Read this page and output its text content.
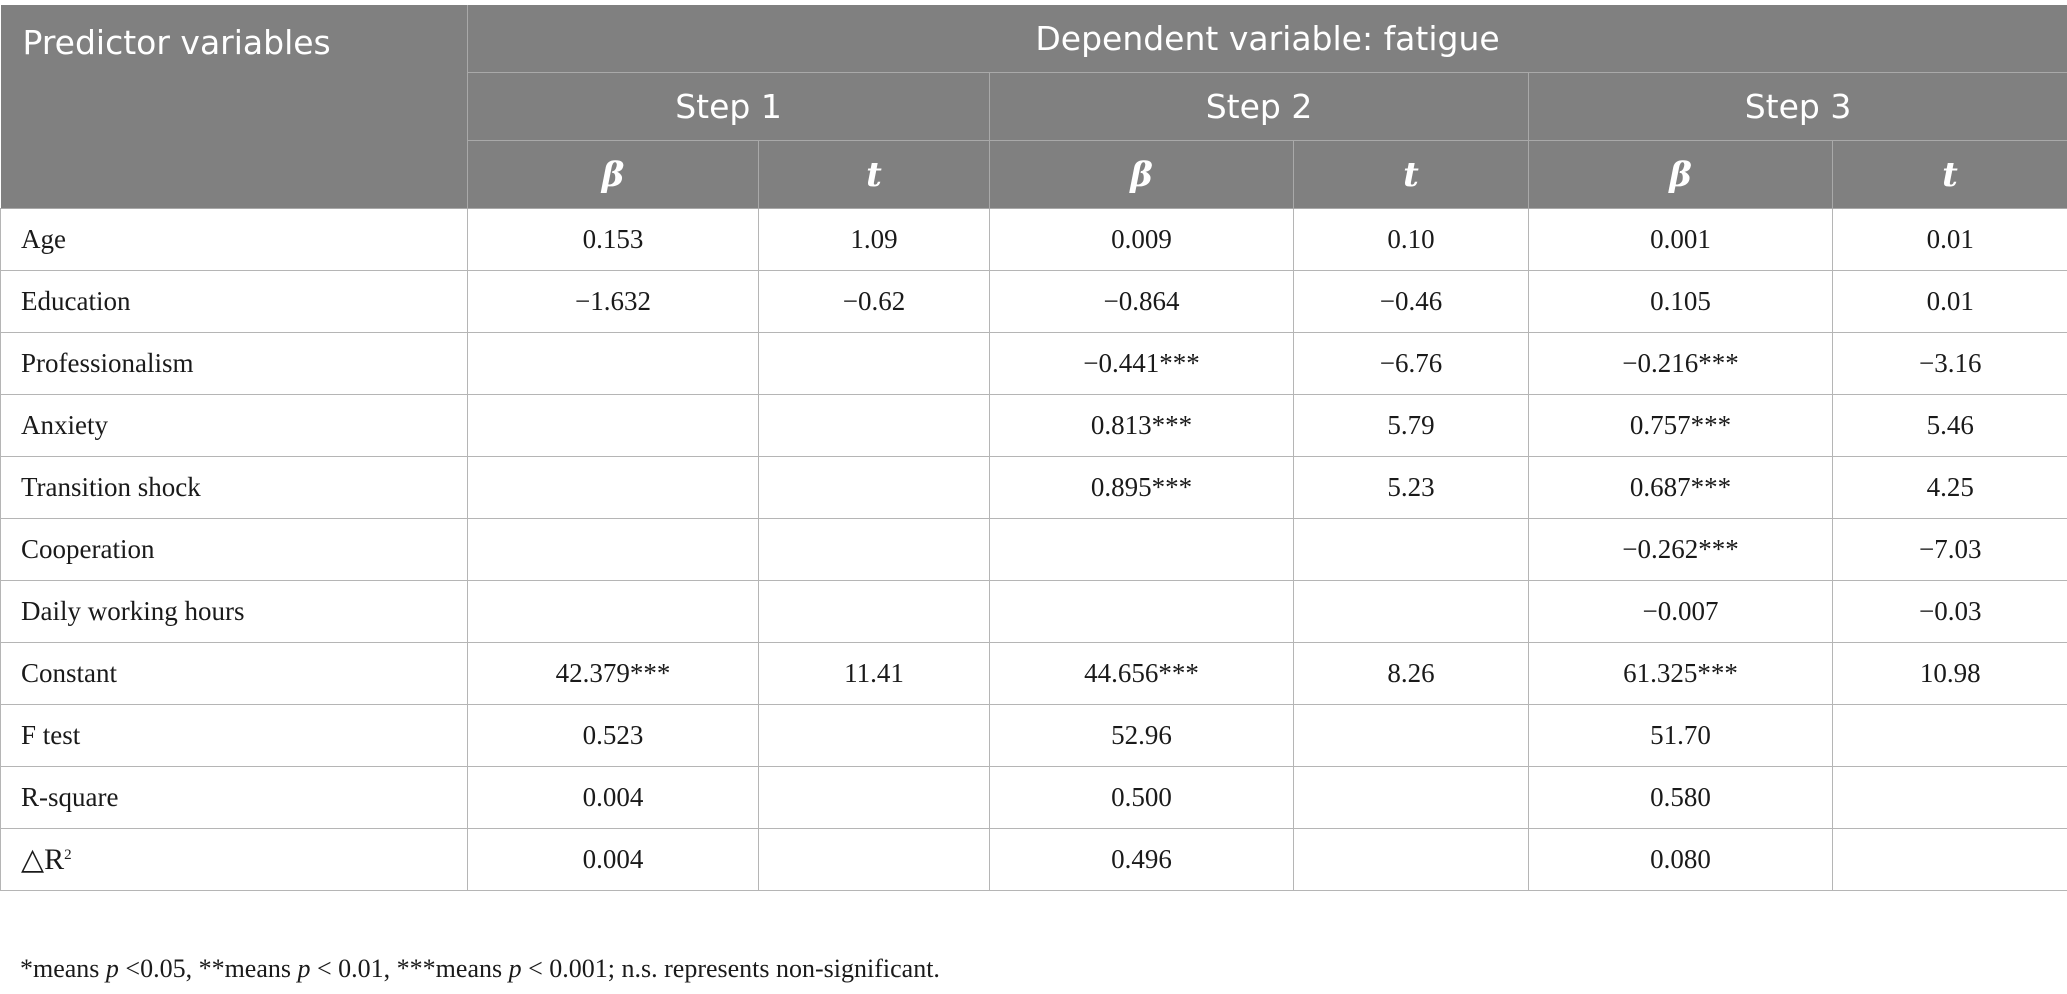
Predictor variables	Dependent variable: fatigue					
	Step 1		Step 2		Step 3	
	β	t	β	t	β	t
Age	0.153	1.09	0.009	0.10	0.001	0.01
Education	−1.632	−0.62	−0.864	−0.46	0.105	0.01
Professionalism			−0.441***	−6.76	−0.216***	−3.16
Anxiety			0.813***	5.79	0.757***	5.46
Transition shock			0.895***	5.23	0.687***	4.25
Cooperation					−0.262***	−7.03
Daily working hours					−0.007	−0.03
Constant	42.379***	11.41	44.656***	8.26	61.325***	10.98
F test	0.523		52.96		51.70	
R-square	0.004		0.500		0.580	
$\triangle R^2$	0.004		0.496		0.080	
*means p <0.05, **means p < 0.01, ***means p < 0.001; n.s. represents non-significant.
